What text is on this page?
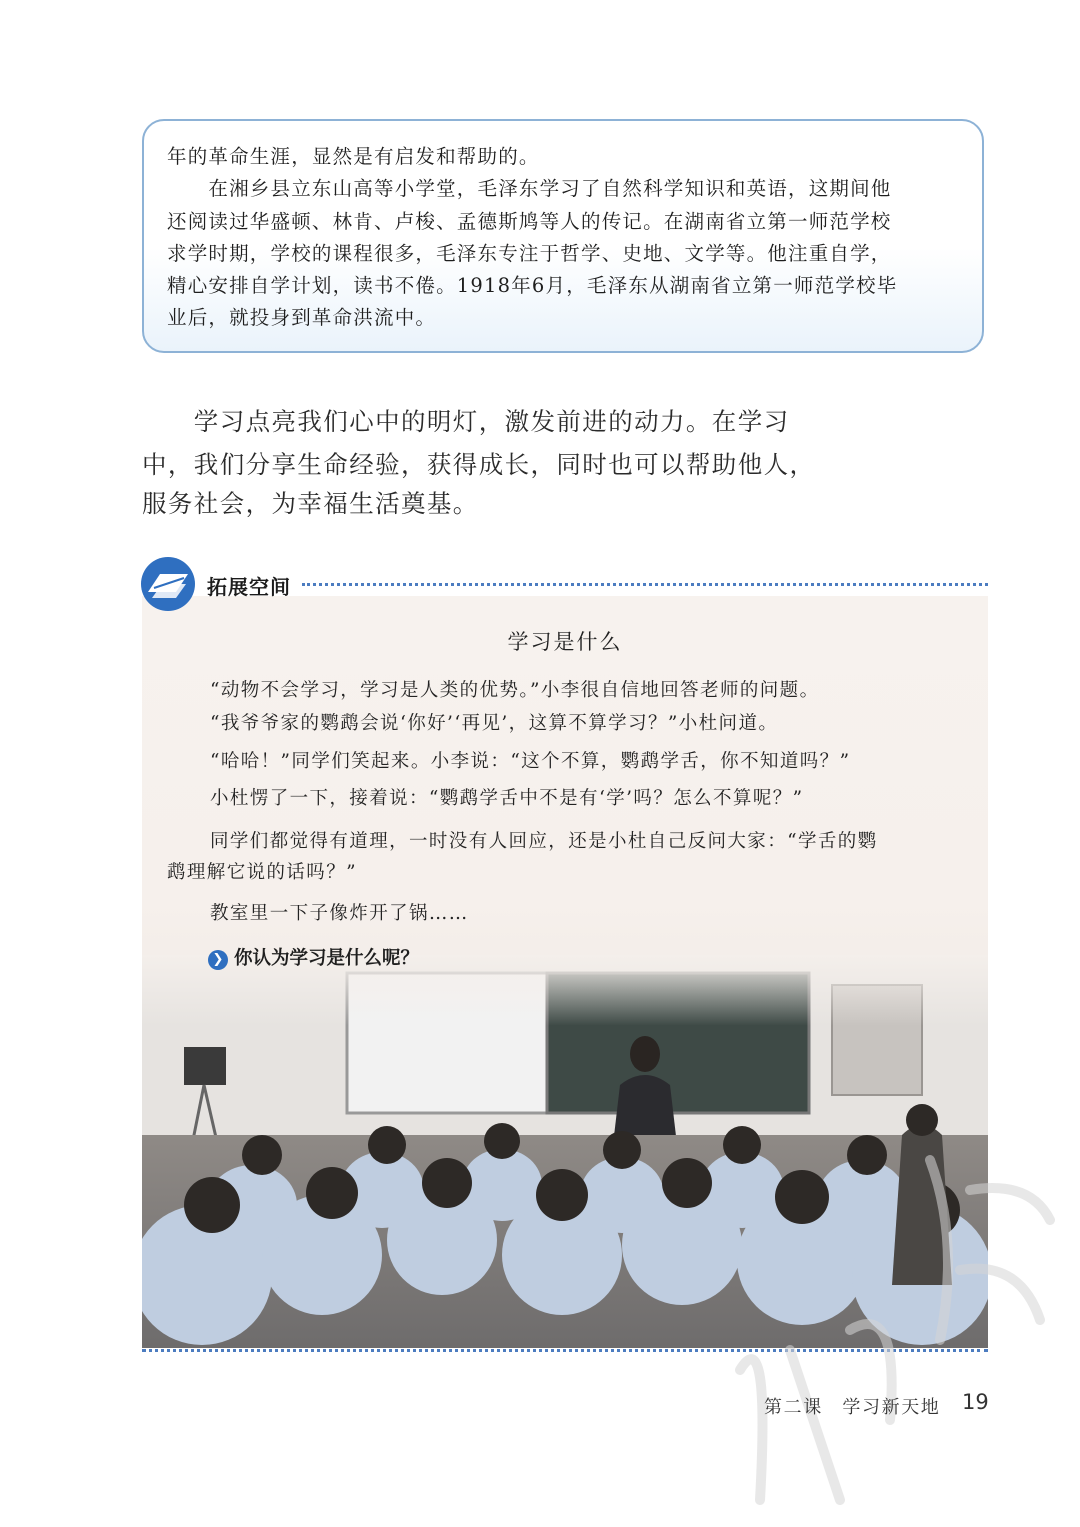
年的革命生涯，显然是有启发和帮助的。
　　在湘乡县立东山高等小学堂，毛泽东学习了自然科学知识和英语，这期间他
还阅读过华盛顿、林肯、卢梭、孟德斯鸠等人的传记。在湖南省立第一师范学校
求学时期，学校的课程很多，毛泽东专注于哲学、史地、文学等。他注重自学，
精心安排自学计划，读书不倦。1918年6月，毛泽东从湖南省立第一师范学校毕
业后，就投身到革命洪流中。
　　学习点亮我们心中的明灯，激发前进的动力。在学习
中，我们分享生命经验，获得成长，同时也可以帮助他人，
服务社会，为幸福生活奠基。
学习是什么
“动物不会学习，学习是人类的优势。”小李很自信地回答老师的问题。
“我爷爷家的鹦鹉会说‘你好’‘再见’，这算不算学习？”小杜问道。
“哈哈！”同学们笑起来。小李说：“这个不算，鹦鹉学舌，你不知道吗？”
小杜愣了一下，接着说：“鹦鹉学舌中不是有‘学’吗？怎么不算呢？”
同学们都觉得有道理，一时没有人回应，还是小杜自己反问大家：“学舌的鹦
鹉理解它说的话吗？”
教室里一下子像炸开了锅……
❯ 你认为学习是什么呢？
拓展空间
第二课　学习新天地 19
